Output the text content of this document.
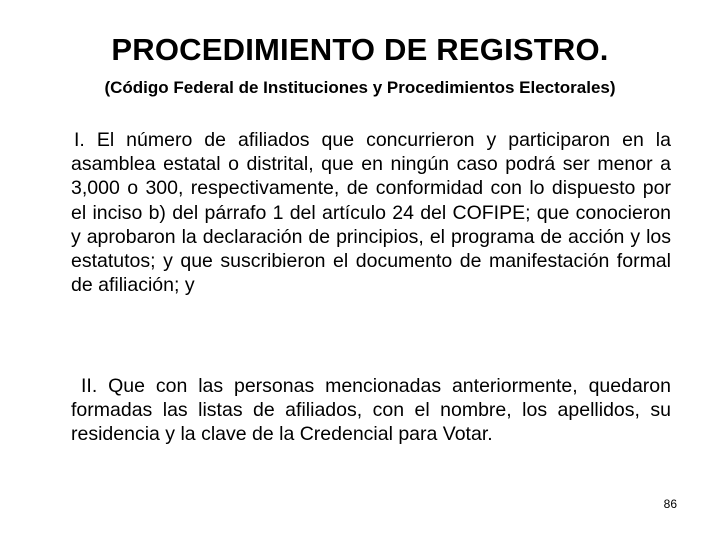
PROCEDIMIENTO DE REGISTRO.
(Código Federal de Instituciones y Procedimientos Electorales)

I. El número de afiliados que concurrieron y participaron en la asamblea estatal o distrital, que en ningún caso podrá ser menor a 3,000 o 300, respectivamente, de conformidad con lo dispuesto por el inciso b) del párrafo 1 del artículo 24 del COFIPE; que conocieron y aprobaron la declaración de principios, el programa de acción y los estatutos; y que suscribieron el documento de manifestación formal de afiliación; y

II. Que con las personas mencionadas anteriormente, quedaron formadas las listas de afiliados, con el nombre, los apellidos, su residencia y la clave de la Credencial para Votar.

86
